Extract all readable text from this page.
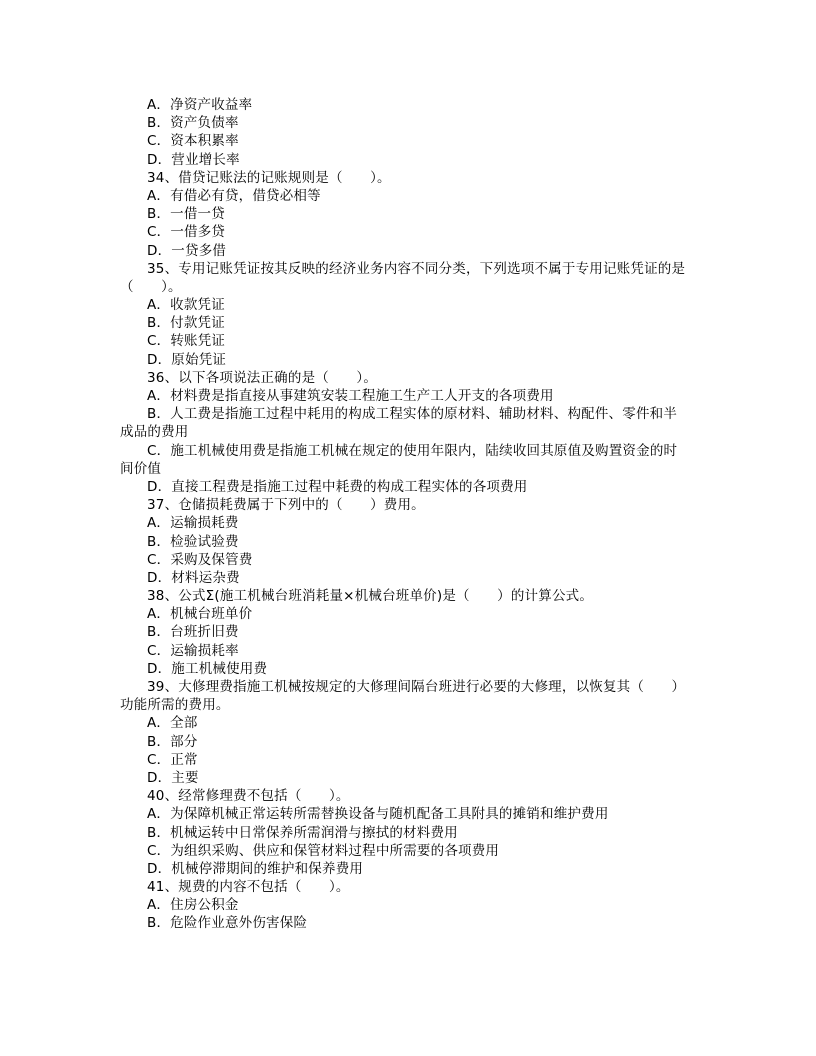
A．净资产收益率
B．资产负债率
C．资本积累率
D．营业增长率
34、借贷记账法的记账规则是（　　）。
A．有借必有贷，借贷必相等
B．一借一贷
C．一借多贷
D．一贷多借
35、专用记账凭证按其反映的经济业务内容不同分类，下列选项不属于专用记账凭证的是
（　　）。
A．收款凭证
B．付款凭证
C．转账凭证
D．原始凭证
36、以下各项说法正确的是（　　）。
A．材料费是指直接从事建筑安装工程施工生产工人开支的各项费用
B．人工费是指施工过程中耗用的构成工程实体的原材料、辅助材料、构配件、零件和半
成品的费用
C．施工机械使用费是指施工机械在规定的使用年限内，陆续收回其原值及购置资金的时
间价值
D．直接工程费是指施工过程中耗费的构成工程实体的各项费用
37、仓储损耗费属于下列中的（　　）费用。
A．运输损耗费
B．检验试验费
C．采购及保管费
D．材料运杂费
38、公式Σ(施工机械台班消耗量×机械台班单价)是（　　）的计算公式。
A．机械台班单价
B．台班折旧费
C．运输损耗率
D．施工机械使用费
39、大修理费指施工机械按规定的大修理间隔台班进行必要的大修理，以恢复其（　　）
功能所需的费用。
A．全部
B．部分
C．正常
D．主要
40、经常修理费不包括（　　）。
A．为保障机械正常运转所需替换设备与随机配备工具附具的摊销和维护费用
B．机械运转中日常保养所需润滑与擦拭的材料费用
C．为组织采购、供应和保管材料过程中所需要的各项费用
D．机械停滞期间的维护和保养费用
41、规费的内容不包括（　　）。
A．住房公积金
B．危险作业意外伤害保险
